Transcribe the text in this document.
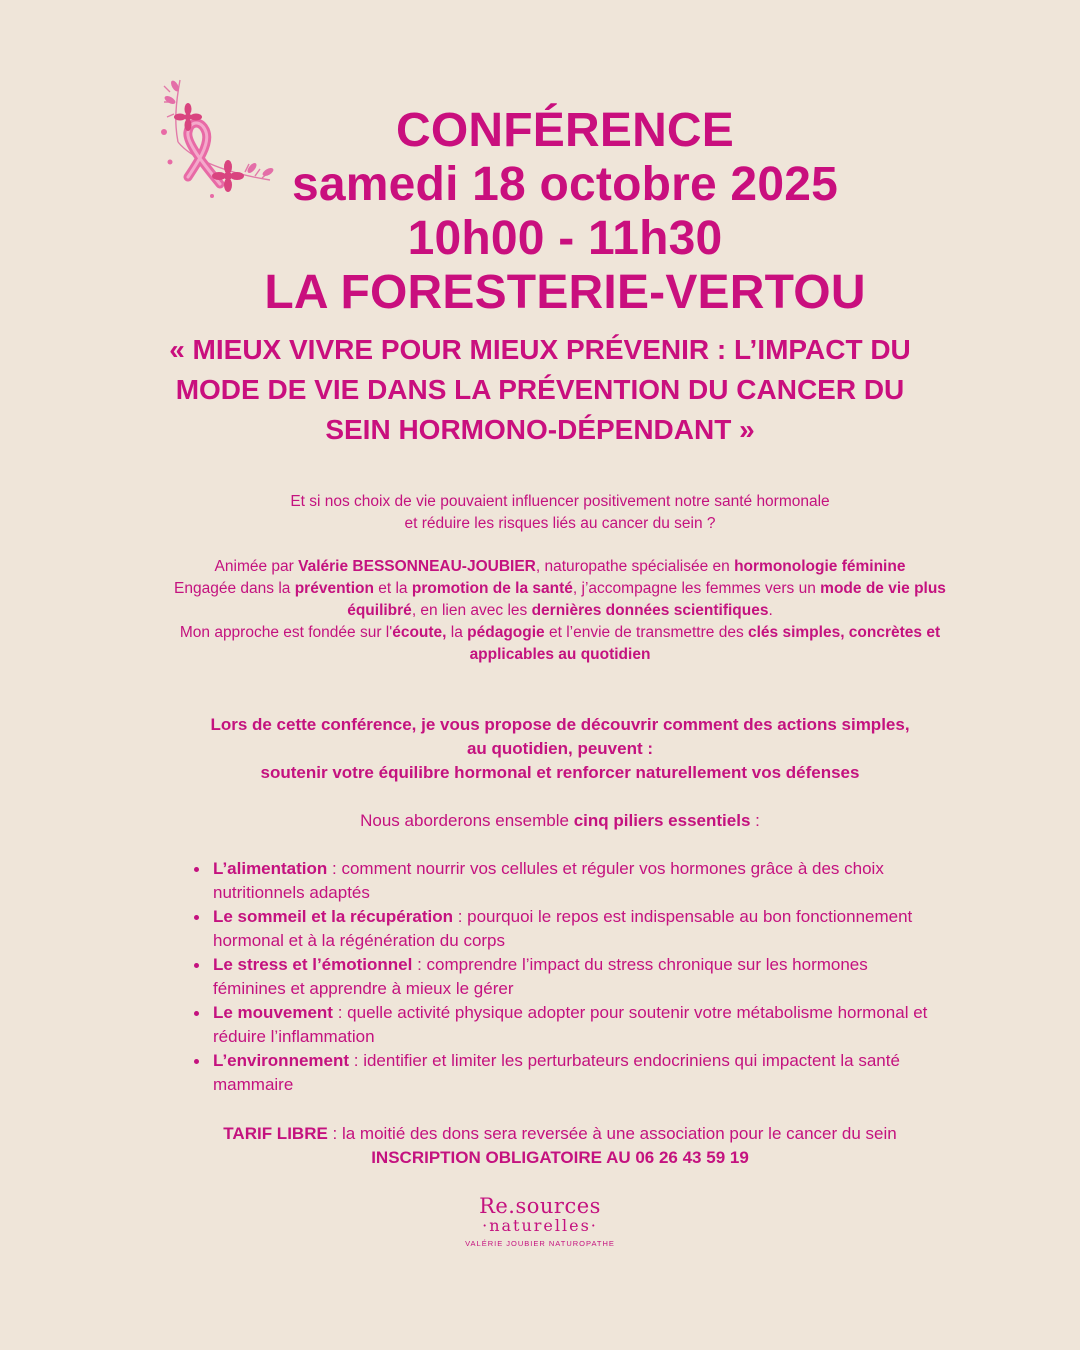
CONFÉRENCE
samedi 18 octobre 2025
10h00 - 11h30
LA FORESTERIE-VERTOU
« MIEUX VIVRE POUR MIEUX PRÉVENIR : L’IMPACT DU MODE DE VIE DANS LA PRÉVENTION DU CANCER DU SEIN HORMONO-DÉPENDANT »
Et si nos choix de vie pouvaient influencer positivement notre santé hormonale
et réduire les risques liés au cancer du sein ?
Animée par Valérie BESSONNEAU-JOUBIER, naturopathe spécialisée en hormonologie féminine
Engagée dans la prévention et la promotion de la santé, j’accompagne les femmes vers un mode de vie plus équilibré, en lien avec les dernières données scientifiques.
Mon approche est fondée sur l'écoute, la pédagogie et l’envie de transmettre des clés simples, concrètes et applicables au quotidien
Lors de cette conférence, je vous propose de découvrir comment des actions simples,
au quotidien, peuvent :
soutenir votre équilibre hormonal et renforcer naturellement vos défenses
Nous aborderons ensemble cinq piliers essentiels :
L’alimentation : comment nourrir vos cellules et réguler vos hormones grâce à des choix nutritionnels adaptés
Le sommeil et la récupération : pourquoi le repos est indispensable au bon fonctionnement hormonal et à la régénération du corps
Le stress et l’émotionnel : comprendre l’impact du stress chronique sur les hormones féminines et apprendre à mieux le gérer
Le mouvement : quelle activité physique adopter pour soutenir votre métabolisme hormonal et réduire l’inflammation
L’environnement : identifier et limiter les perturbateurs endocriniens qui impactent la santé mammaire
TARIF LIBRE : la moitié des dons sera reversée à une association pour le cancer du sein
INSCRIPTION OBLIGATOIRE AU 06 26 43 59 19
Re.sources
·naturelles·
VALÉRIE JOUBIER NATUROPATHE
